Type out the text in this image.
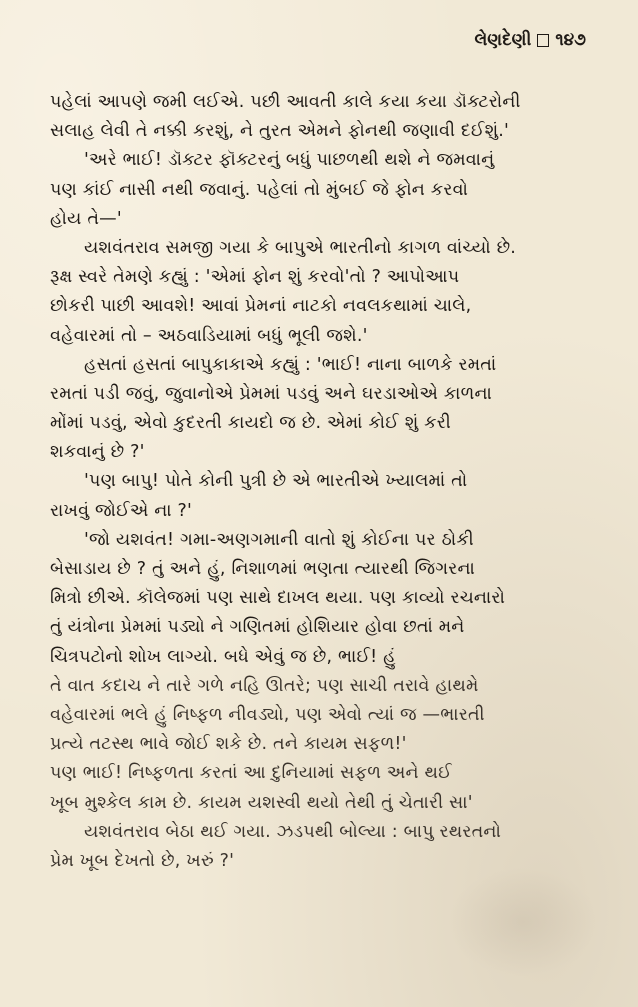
લેણદેણી ૧૪૭
પહેલાં આપણે જમી લઈએ. પછી આવતી કાલે કયા કયા ડૉક્ટરોની
સલાહ લેવી તે નક્કી કરશું, ને તુરત એમને ફોનથી જણાવી દઈશું.'
'અરે ભાઈ! ડૉક્ટર ફૉક્ટરનું બધું પાછળથી થશે ને જમવાનું
પણ કાંઈ નાસી નથી જવાનું. પહેલાં તો મુંબઈ જે ફોન કરવો
હોય તે—'
યશવંતરાવ સમજી ગયા કે બાપુએ ભારતીનો કાગળ વાંચ્યો છે.
રૂક્ષ સ્વરે તેમણે કહ્યું : 'એમાં ફોન શું કરવો'તો ? આપોઆપ
છોકરી પાછી આવશે! આવાં પ્રેમનાં નાટકો નવલકથામાં ચાલે,
વહેવારમાં તો – અઠવાડિયામાં બધું ભૂલી જશે.'
હસતાં હસતાં બાપુકાકાએ કહ્યું : 'ભાઈ! નાના બાળકે રમતાં
રમતાં પડી જવું, જુવાનોએ પ્રેમમાં પડવું અને ઘરડાઓએ કાળના
મોંમાં પડવું, એવો કુદરતી કાયદો જ છે. એમાં કોઈ શું કરી
શકવાનું છે ?'
'પણ બાપુ! પોતે કોની પુત્રી છે એ ભારતીએ ખ્યાલમાં તો
રાખવું જોઈએ ના ?'
'જો યશવંત! ગમા-અણગમાની વાતો શું કોઈના પર ઠોકી
બેસાડાય છે ? તું અને હું, નિશાળમાં ભણતા ત્યારથી જિગરના
મિત્રો છીએ. કૉલેજમાં પણ સાથે દાખલ થયા. પણ કાવ્યો રચનારો
તું યંત્રોના પ્રેમમાં પડ્યો ને ગણિતમાં હોશિયાર હોવા છતાં મને
ચિત્રપટોનો શોખ લાગ્યો. બધે એવું જ છે, ભાઈ! હું
તે વાત કદાચ ને તારે ગળે નહિ ઊતરે; પણ સાચી તરાવે હાથમે
વહેવારમાં ભલે હું નિષ્ફળ નીવડ્યો, પણ એવો ત્યાં જ —ભારતી
પ્રત્યે તટસ્થ ભાવે જોઈ શકે છે. તને કાયમ સફળ!'
પણ ભાઈ! નિષ્ફળતા કરતાં આ દુનિયામાં સફળ અને થઈ
ખૂબ મુશ્કેલ કામ છે. કાયમ યશસ્વી થયો તેથી તું ચેતારી સા'
યશવંતરાવ બેઠા થઈ ગયા. ઝડપથી બોલ્યા : બાપુ રથરતનો
પ્રેમ ખૂબ દેખતો છે, ખરું ?'
